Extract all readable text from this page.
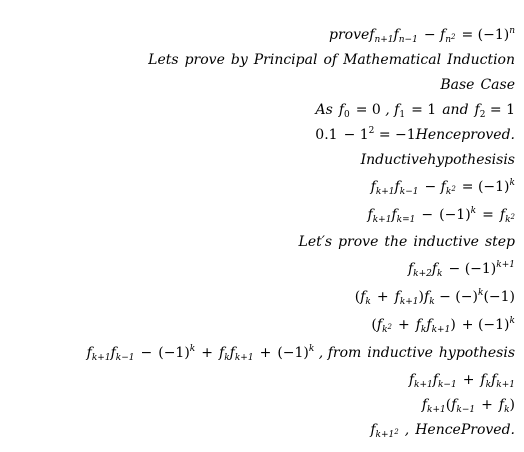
$provef_{n+1}f_{n-1} - f_{n^2} = (-1)^n$
Lets prove by Principal of Mathematical Induction
Base Case
As $f_0 = 0$ , $f_1 = 1$ and $f_2 = 1$
$0.1 - 1^2$ = −1Henceproved.
Inductivehypothesisis
$f_{k+1}f_{k-1} - f_{k^2} = (-1)^k$
$f_{k+1}f_{k=1} - (-1)^k = f_{k^2}$
Let′s prove the inductive step
$f_{k+2}f_k - (-1)^{k+1}$
$(f_k + f_{k+1})f_k - (-)^k(-1)$
$(f_{k^2} + f_kf_{k+1}) + (-1)^k$
$f_{k+1}f_{k-1} - (-1)^k + f_kf_{k+1} + (-1)^k$ , from inductive hypothesis
$f_{k+1}f_{k-1} + f_kf_{k+1}$
$f_{k+1}(f_{k-1} + f_k)$
$f_{k+1^2}$ , HenceProved.
